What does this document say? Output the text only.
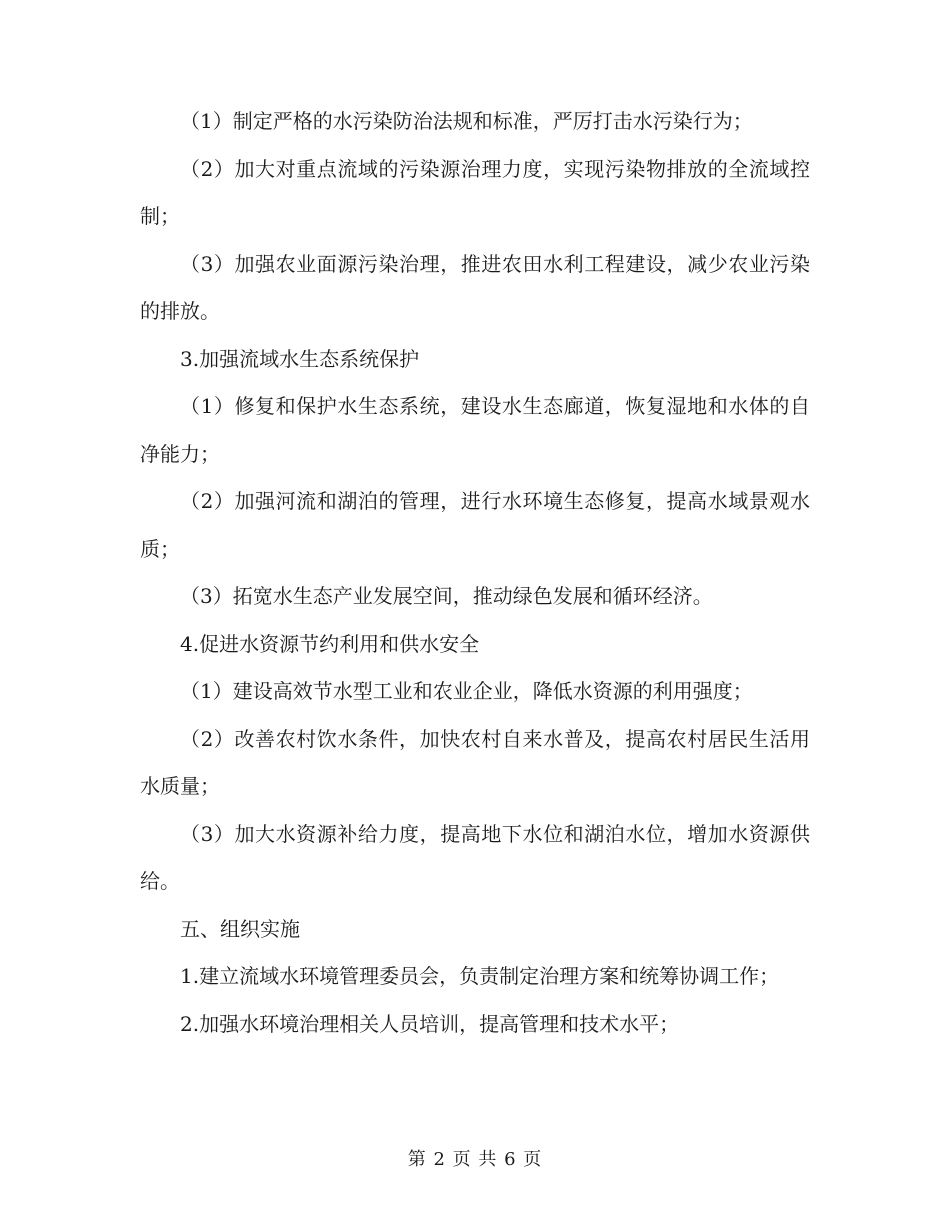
（1）制定严格的水污染防治法规和标准，严厉打击水污染行为；

（2）加大对重点流域的污染源治理力度，实现污染物排放的全流域控制；

（3）加强农业面源污染治理，推进农田水利工程建设，减少农业污染的排放。

3.加强流域水生态系统保护

（1）修复和保护水生态系统，建设水生态廊道，恢复湿地和水体的自净能力；

（2）加强河流和湖泊的管理，进行水环境生态修复，提高水域景观水质；

（3）拓宽水生态产业发展空间，推动绿色发展和循环经济。

4.促进水资源节约利用和供水安全

（1）建设高效节水型工业和农业企业，降低水资源的利用强度；

（2）改善农村饮水条件，加快农村自来水普及，提高农村居民生活用水质量；

（3）加大水资源补给力度，提高地下水位和湖泊水位，增加水资源供给。

五、组织实施

1.建立流域水环境管理委员会，负责制定治理方案和统筹协调工作；

2.加强水环境治理相关人员培训，提高管理和技术水平；

第 2 页 共 6 页
